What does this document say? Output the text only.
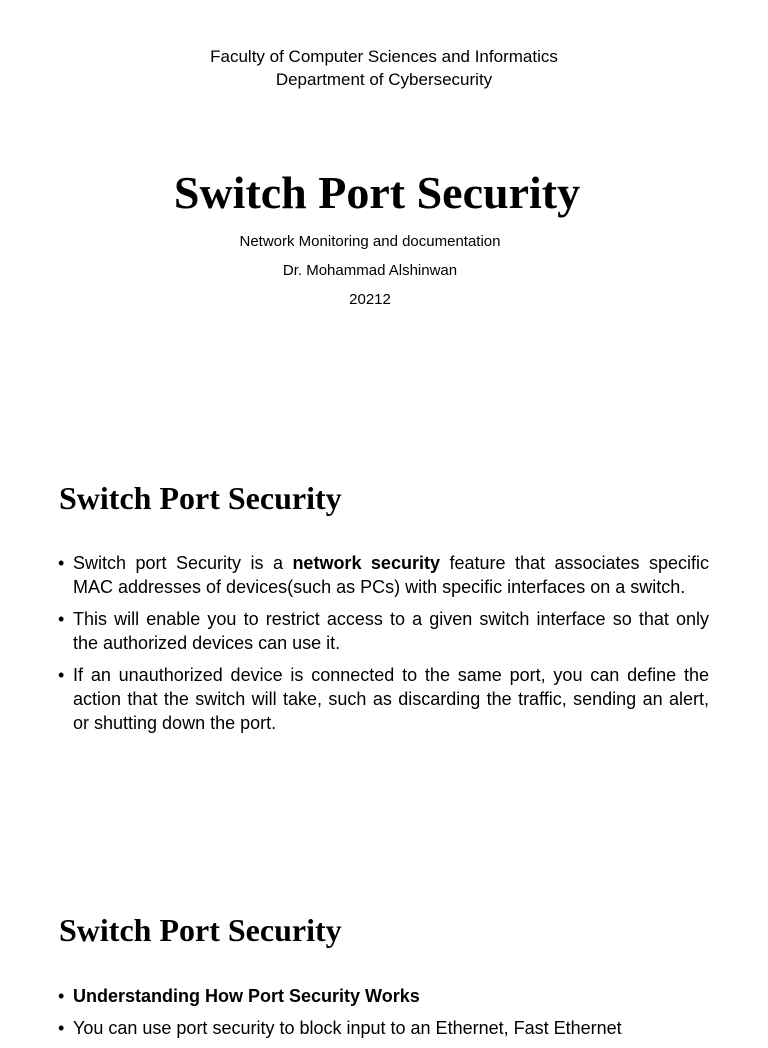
Faculty of Computer Sciences and Informatics
Department of Cybersecurity
Switch Port Security
Network Monitoring and documentation
Dr. Mohammad Alshinwan
20212
Switch Port Security
• Switch port Security is a network security feature that associates specific MAC addresses of devices(such as PCs) with specific interfaces on a switch.
• This will enable you to restrict access to a given switch interface so that only the authorized devices can use it.
• If an unauthorized device is connected to the same port, you can define the action that the switch will take, such as discarding the traffic, sending an alert, or shutting down the port.
Switch Port Security
• Understanding How Port Security Works
• You can use port security to block input to an Ethernet, Fast Ethernet
